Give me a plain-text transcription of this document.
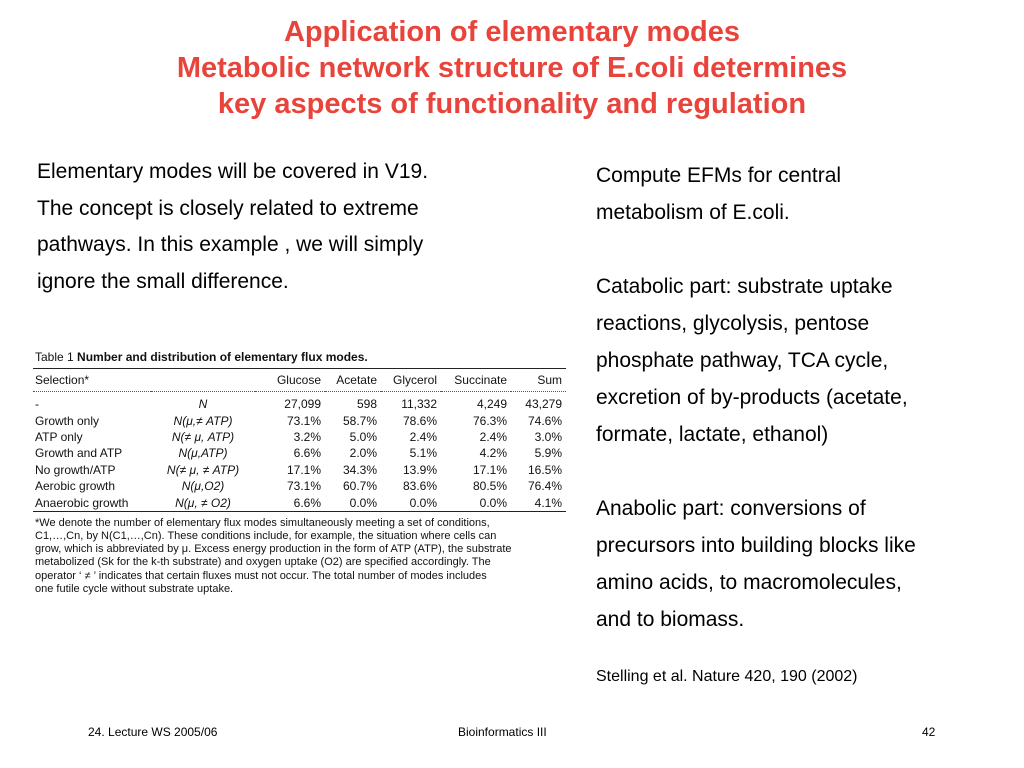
Application of elementary modes
Metabolic network structure of E.coli determines
key aspects of functionality and regulation
Elementary modes will be covered in V19.
The concept is closely related to extreme
pathways. In this example , we will simply
ignore the small difference.
Table 1 Number and distribution of elementary flux modes.
Selection*		Glucose	Acetate	Glycerol	Succinate	Sum

-	N	27,099	598	11,332	4,249	43,279
Growth only	N(μ,≠ ATP)	73.1%	58.7%	78.6%	76.3%	74.6%
ATP only	N(≠ μ, ATP)	3.2%	5.0%	2.4%	2.4%	3.0%
Growth and ATP	N(μ,ATP)	6.6%	2.0%	5.1%	4.2%	5.9%
No growth/ATP	N(≠ μ, ≠ ATP)	17.1%	34.3%	13.9%	17.1%	16.5%
Aerobic growth	N(μ,O2)	73.1%	60.7%	83.6%	80.5%	76.4%
Anaerobic growth	N(μ, ≠ O2)	6.6%	0.0%	0.0%	0.0%	4.1%
*We denote the number of elementary flux modes simultaneously meeting a set of conditions,
C1,…,Cn, by N(C1,…,Cn). These conditions include, for example, the situation where cells can
grow, which is abbreviated by μ. Excess energy production in the form of ATP (ATP), the substrate
metabolized (Sk for the k-th substrate) and oxygen uptake (O2) are specified accordingly. The
operator ‘ ≠ ’ indicates that certain fluxes must not occur. The total number of modes includes
one futile cycle without substrate uptake.
Compute EFMs for central
metabolism of E.coli.
Catabolic part: substrate uptake
reactions, glycolysis, pentose
phosphate pathway, TCA cycle,
excretion of by-products (acetate,
formate, lactate, ethanol)
Anabolic part: conversions of
precursors into building blocks like
amino acids, to macromolecules,
and to biomass.
Stelling et al. Nature 420, 190 (2002)
24. Lecture WS 2005/06	Bioinformatics III	42
